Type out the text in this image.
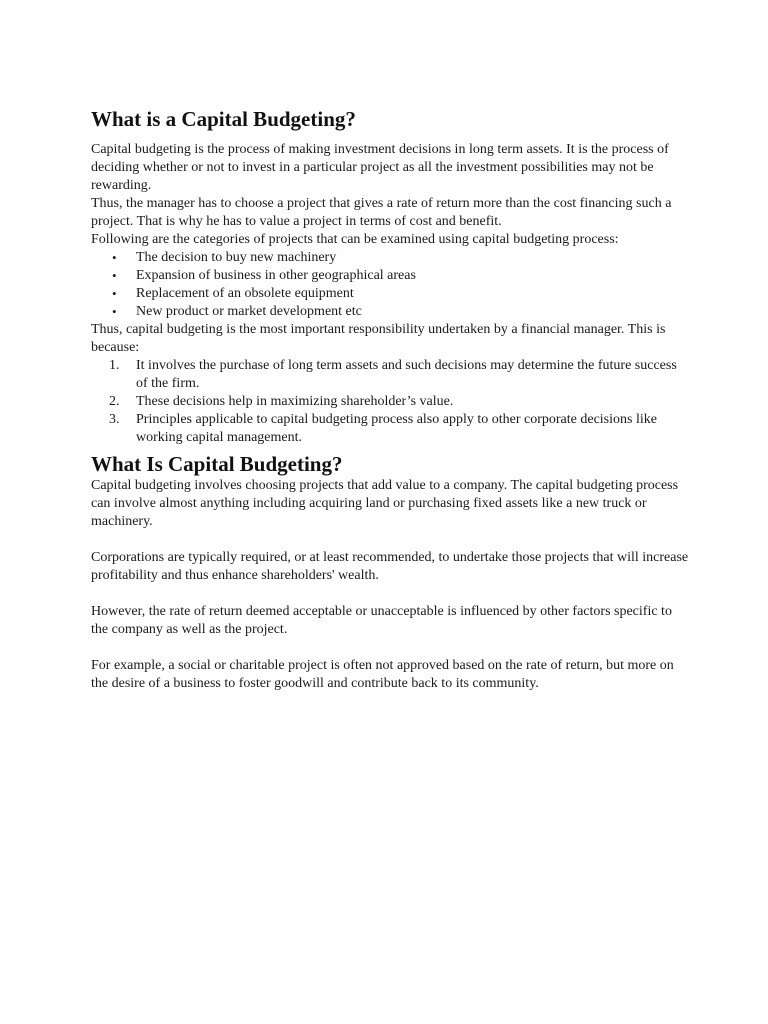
What is a Capital Budgeting?

Capital budgeting is the process of making investment decisions in long term assets. It is the process of deciding whether or not to invest in a particular project as all the investment possibilities may not be rewarding.

Thus, the manager has to choose a project that gives a rate of return more than the cost financing such a project. That is why he has to value a project in terms of cost and benefit.

Following are the categories of projects that can be examined using capital budgeting process:

• The decision to buy new machinery
• Expansion of business in other geographical areas
• Replacement of an obsolete equipment
• New product or market development etc

Thus, capital budgeting is the most important responsibility undertaken by a financial manager. This is because:

1. It involves the purchase of long term assets and such decisions may determine the future success of the firm.
2. These decisions help in maximizing shareholder’s value.
3. Principles applicable to capital budgeting process also apply to other corporate decisions like working capital management.
What Is Capital Budgeting?

Capital budgeting involves choosing projects that add value to a company. The capital budgeting process can involve almost anything including acquiring land or purchasing fixed assets like a new truck or machinery.

Corporations are typically required, or at least recommended, to undertake those projects that will increase profitability and thus enhance shareholders' wealth.

However, the rate of return deemed acceptable or unacceptable is influenced by other factors specific to the company as well as the project.

For example, a social or charitable project is often not approved based on the rate of return, but more on the desire of a business to foster goodwill and contribute back to its community.
